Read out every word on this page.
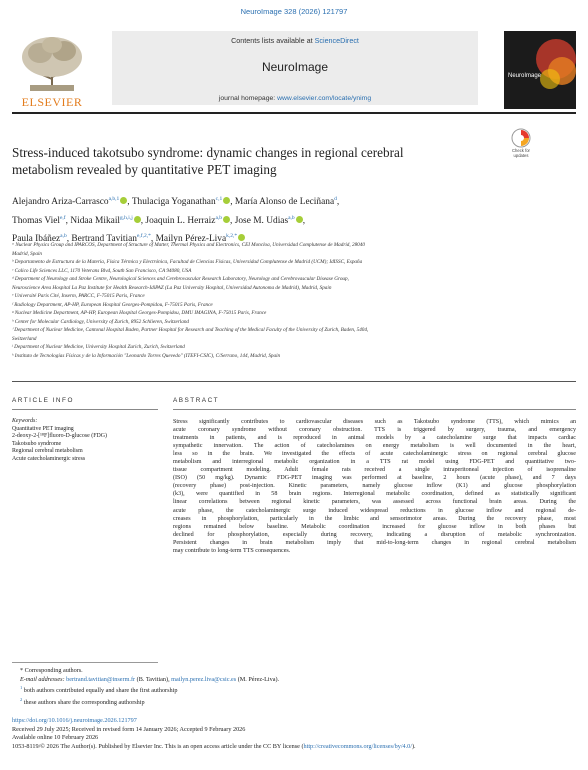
NeuroImage 328 (2026) 121797
ELSEVIER
Contents lists available at ScienceDirect
NeuroImage
journal homepage: www.elsevier.com/locate/ynimg
NeuroImage
Stress-induced takotsubo syndrome: dynamic changes in regional cerebral
metabolism revealed by quantitative PET imaging
Check for
updates
Alejandro Ariza-Carrasco$^{a,b,1}$ , Thulaciga Yoganathan$^{c,1}$ , María Alonso de Leciñana$^d$,
Thomas Viel$^{e,f}$, Nidaa Mikail$^{g,h,i,j}$ , Joaquin L. Herraiz$^{a,b}$ , Jose M. Udias$^{a,b}$ ,
Paula Ibáñez$^{a,b}$, Bertrand Tavitian$^{e,f,2,*}$, Mailyn Pérez-Liva$^{k,2,*}$
ᵃ Nuclear Physics Group and IPARCOS, Department of Structure of Matter, Thermal Physics and Electronics, CEI Moncloa, Universidad Complutense de Madrid, 28040
Madrid, Spain
ᵇ Departamento de Estructura de la Materia, Física Térmica y Electrónica, Facultad de Ciencias Físicas, Universidad Complutense de Madrid (UCM); IdISSC, España
ᶜ Calico Life Sciences LLC, 1170 Veterans Blvd, South San Francisco, CA 94080, USA
ᵈ Department of Neurology and Stroke Centre, Neurological Sciences and Cerebrovascular Research Laboratory, Neurology and Cerebrovascular Disease Group,
Neuroscience Area Hospital La Paz Institute for Health Research-IdiPAZ (La Paz University Hospital, Universidad Autonoma de Madrid), Madrid, Spain
ᵉ Université Paris Cité, Inserm, PARCC, F-75015 Paris, France
ᶠ Radiology Department, AP-HP, European Hospital Georges-Pompidou, F-75015 Paris, France
ᵍ Nuclear Medicine Department, AP-HP, European Hospital Georges-Pompidou, DMU IMAGINA, F-75015 Paris, France
ʰ Center for Molecular Cardiology, University of Zurich, 8952 Schlieren, Switzerland
ⁱ Department of Nuclear Medicine, Cantonal Hospital Baden, Partner Hospital for Research and Teaching of the Medical Faculty of the University of Zurich, Baden, 5404,
Switzerland
ʲ Department of Nuclear Medicine, University Hospital Zurich, Zurich, Switzerland
ᵏ Instituto de Tecnologías Físicas y de la Información "Leonardo Torres Quevedo" (ITEFI-CSIC), C/Serrano, 144, Madrid, Spain
ARTICLE INFO
Keywords:
Quantitative PET imaging
2-deoxy-2-[¹⁸F]fluoro-D-glucose (FDG)
Takotsubo syndrome
Regional cerebral metabolism
Acute catecholaminergic stress
ABSTRACT
Stress significantly contributes to cardiovascular diseases such as Takotsubo syndrome (TTS), which mimics an
acute coronary syndrome without coronary obstruction. TTS is triggered by surgery, trauma, and emergency
treatments in patients, and is reproduced in animal models by a catecholamine surge that impacts cardiac
sympathetic innervation. The action of catecholamines on energy metabolism is well documented in the heart,
less so in the brain. We investigated the effects of acute catecholaminergic stress on regional cerebral glucose
metabolism and interregional metabolic organization in a TTS rat model using FDG-PET and quantitative two-
tissue compartment modeling. Adult female rats received a single intraperitoneal injection of isoprenaline
(ISO) (50 mg/kg). Dynamic FDG-PET imaging was performed at baseline, 2 hours (acute phase), and 7 days
(recovery phase) post-injection. Kinetic parameters, namely glucose inflow (K1) and glucose phosphorylation
(k3), were quantified in 58 brain regions. Interregional metabolic coordination, defined as statistically significant
linear correlations between regional kinetic parameters, was assessed across functional brain areas. During the
acute phase, the catecholaminergic surge induced widespread reductions in glucose inflow and regional de-
creases in phosphorylation, particularly in the limbic and sensorimotor areas. During the recovery phase, most
regions remained below baseline. Metabolic coordination increased for glucose inflow in both phases but
declined for phosphorylation, especially during recovery, indicating a disruption of metabolic synchronization.
Persistent changes in brain metabolism imply that mid-to-long-term changes in regional cerebral metabolism
may contribute to long-term TTS consequences.
* Corresponding authors.
E-mail addresses: bertrand.tavitian@inserm.fr (B. Tavitian), mailyn.perez.liva@csic.es (M. Pérez-Liva).
$^1$ both authors contributed equally and share the first authorship
$^2$ these authors share the corresponding authorship
https://doi.org/10.1016/j.neuroimage.2026.121797
Received 29 July 2025; Received in revised form 14 January 2026; Accepted 9 February 2026
Available online 10 February 2026
1053-8119/© 2026 The Author(s). Published by Elsevier Inc. This is an open access article under the CC BY license (http://creativecommons.org/licenses/by/4.0/).
